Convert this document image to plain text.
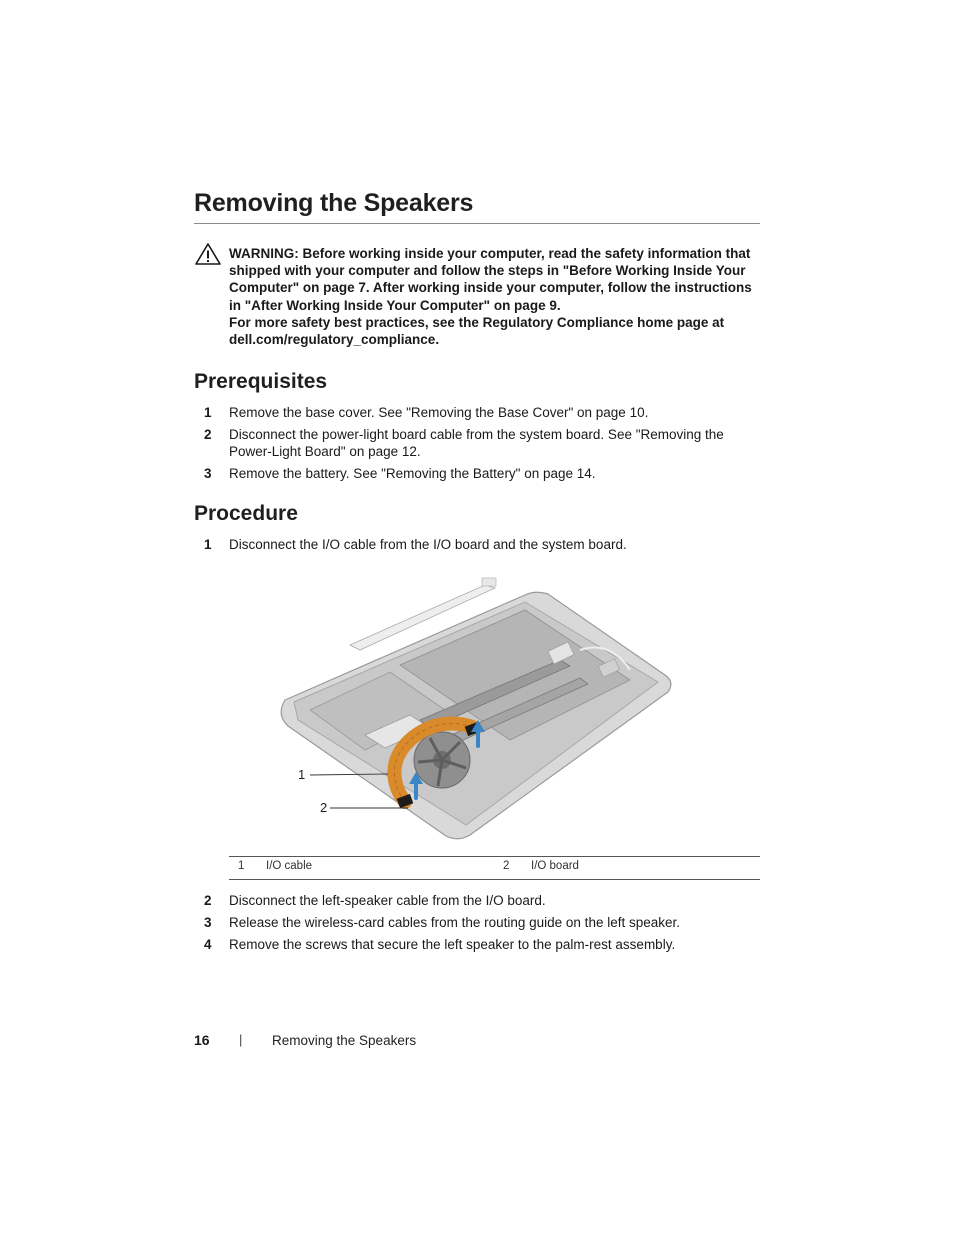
Removing the Speakers

WARNING: Before working inside your computer, read the safety information that shipped with your computer and follow the steps in "Before Working Inside Your Computer" on page 7. After working inside your computer, follow the instructions in "After Working Inside Your Computer" on page 9.

For more safety best practices, see the Regulatory Compliance home page at dell.com/regulatory_compliance.

Prerequisites
1 Remove the base cover. See "Removing the Base Cover" on page 10.
2 Disconnect the power-light board cable from the system board. See "Removing the Power-Light Board" on page 12.
3 Remove the battery. See "Removing the Battery" on page 14.
Procedure
1 Disconnect the I/O cable from the I/O board and the system board.
1
2
1 I/O cable	2 I/O board
2 Disconnect the left-speaker cable from the I/O board.
3 Release the wireless-card cables from the routing guide on the left speaker.
4 Remove the screws that secure the left speaker to the palm-rest assembly.
16 | Removing the Speakers
